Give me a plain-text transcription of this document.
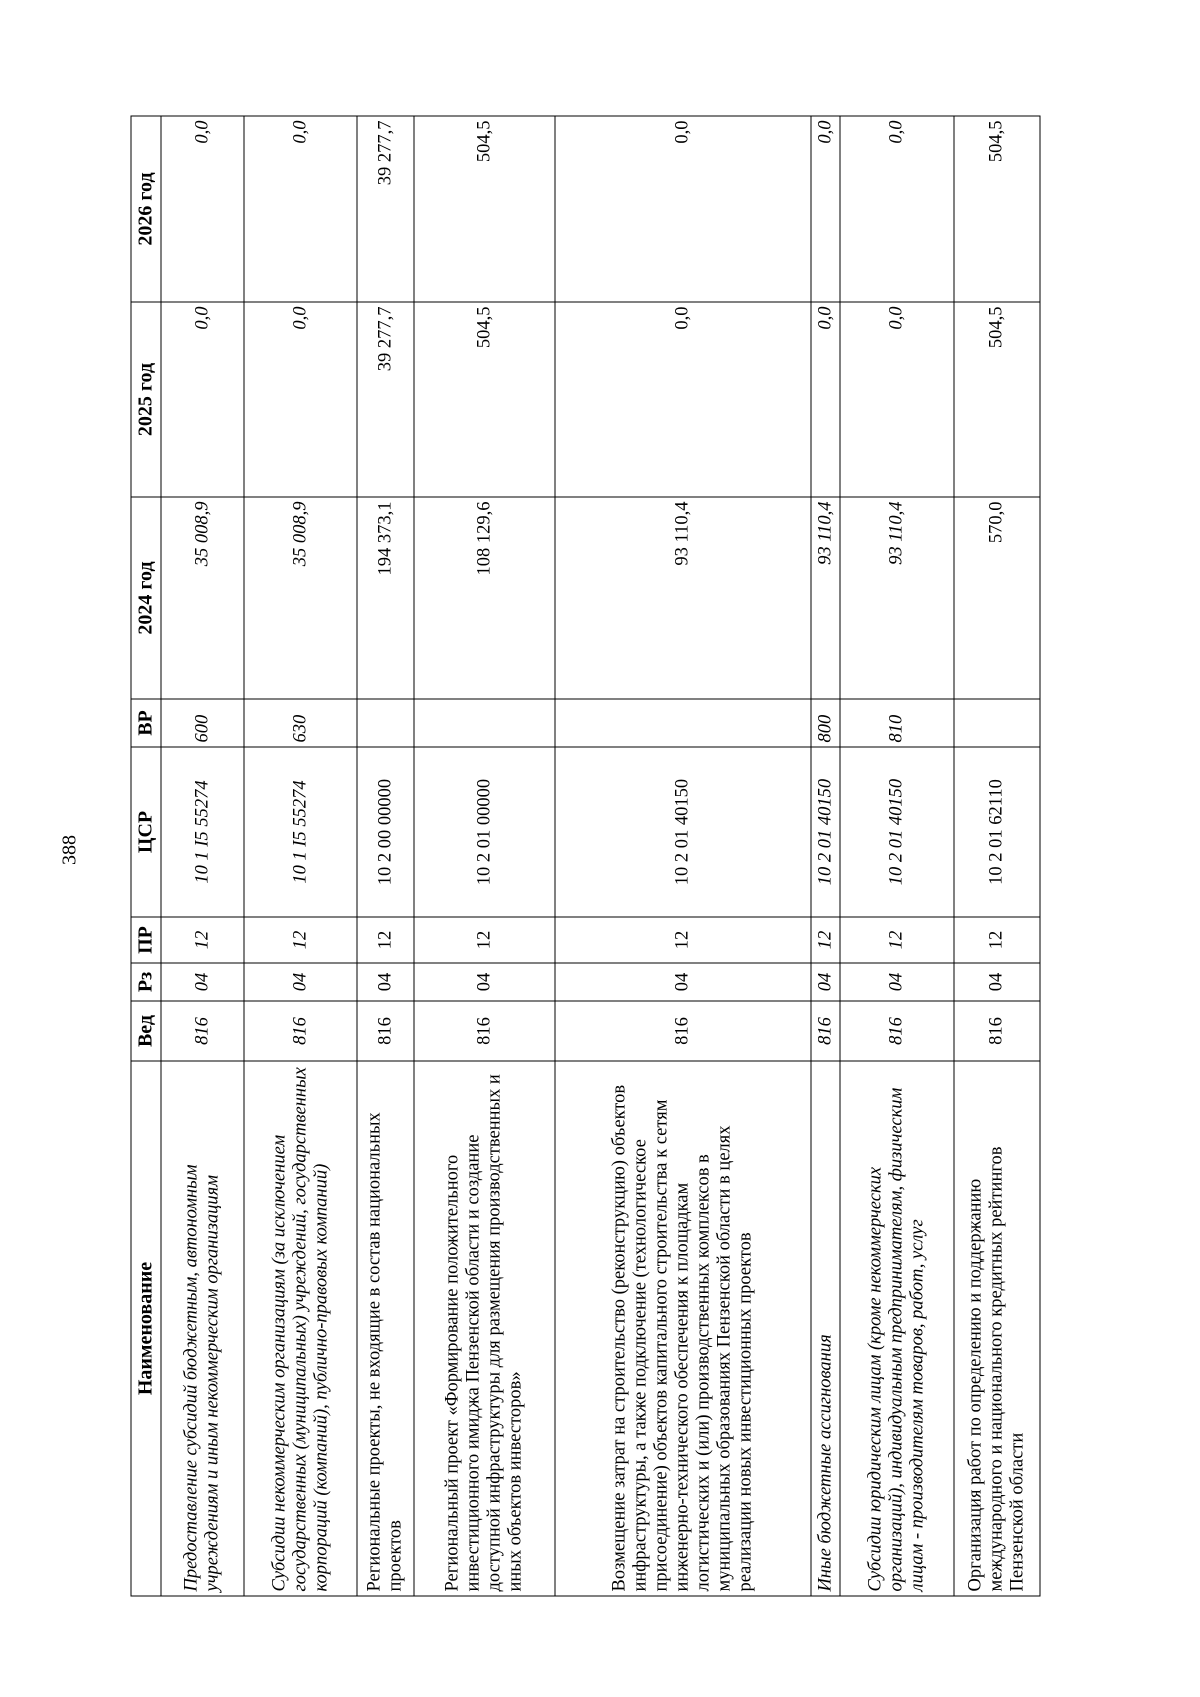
388
Наименование	Вед	Рз	ПР	ЦСР	ВР	2024 год	2025 год	2026 год
Предоставление субсидий бюджетным, автономным учреждениям и иным некоммерческим организациям	816	04	12	10 1 I5 55274	600	35 008,9	0,0	0,0
Субсидии некоммерческим организациям (за исключением государственных (муниципальных) учреждений, государственных корпораций (компаний), публично-правовых компаний)	816	04	12	10 1 I5 55274	630	35 008,9	0,0	0,0
Региональные проекты, не входящие в состав национальных проектов	816	04	12	10 2 00 00000		194 373,1	39 277,7	39 277,7
Региональный проект «Формирование положительного инвестиционного имиджа Пензенской области и создание доступной инфраструктуры для размещения производственных и иных объектов инвесторов»	816	04	12	10 2 01 00000		108 129,6	504,5	504,5
Возмещение затрат на строительство (реконструкцию) объектов инфраструктуры, а также подключение (технологическое присоединение) объектов капитального строительства к сетям инженерно-технического обеспечения к площадкам логистических и (или) производственных комплексов в муниципальных образованиях Пензенской области в целях реализации новых инвестиционных проектов	816	04	12	10 2 01 40150		93 110,4	0,0	0,0
Иные бюджетные ассигнования	816	04	12	10 2 01 40150	800	93 110,4	0,0	0,0
Субсидии юридическим лицам (кроме некоммерческих организаций), индивидуальным предпринимателям, физическим лицам - производителям товаров, работ, услуг	816	04	12	10 2 01 40150	810	93 110,4	0,0	0,0
Организация работ по определению и поддержанию международного и национального кредитных рейтингов Пензенской области	816	04	12	10 2 01 62110		570,0	504,5	504,5
